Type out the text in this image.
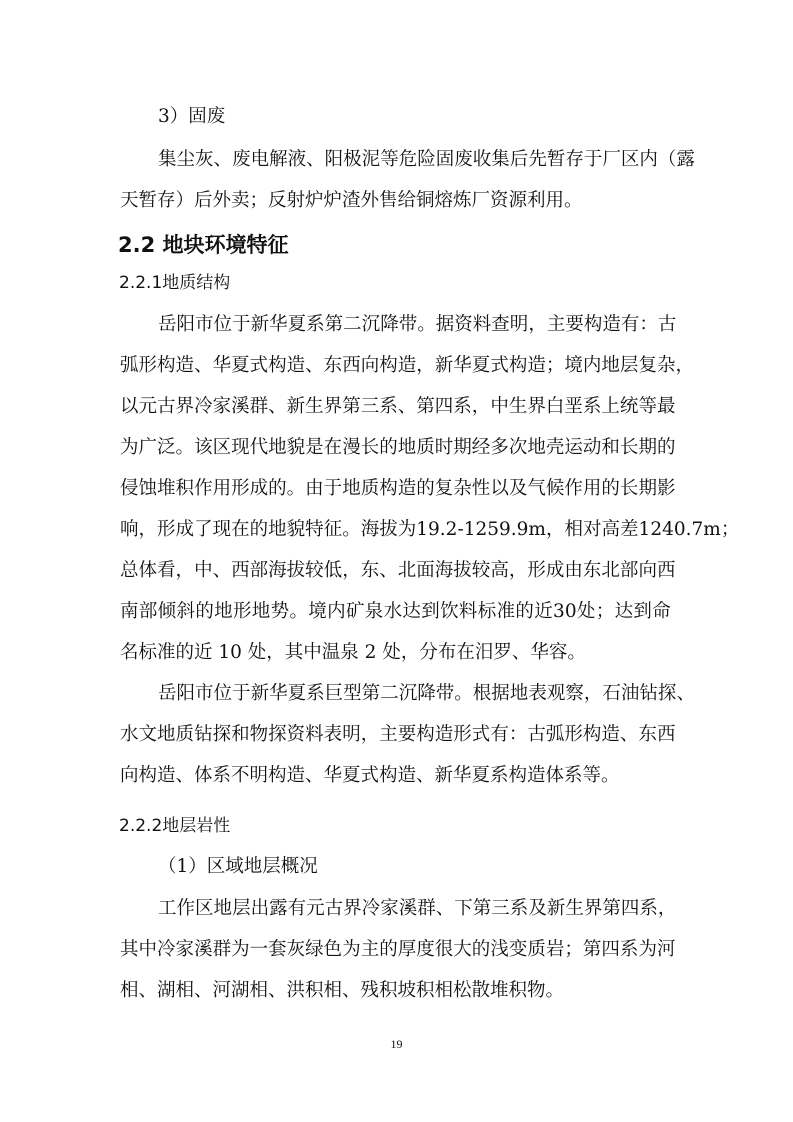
3）固废
集 尘 灰 、 废 电 解 液 、 阳 极 泥 等 危 险 固 废 收 集 后 先 暂 存 于 厂 区 内 （ 露
天暂存）后外卖；反射炉炉渣外售给铜熔炼厂资源利用。
2.2 地块环境特征
2.2.1地质结构
岳 阳 市 位 于 新 华 夏 系 第 二 沉 降 带 。 据 资 料 查 明 ， 主 要 构 造 有 ： 古
弧 形 构 造 、 华 夏 式 构 造 、 东 西 向 构 造 ， 新 华 夏 式 构 造 ； 境 内 地 层 复 杂 ，
以 元 古 界 冷 家 溪 群 、 新 生 界 第 三 系 、 第 四 系 ， 中 生 界 白 垩 系 上 统 等 最
为 广 泛 。 该 区 现 代 地 貌 是 在 漫 长 的 地 质 时 期 经 多 次 地 壳 运 动 和 长 期 的
侵 蚀 堆 积 作 用 形 成 的 。 由 于 地 质 构 造 的 复 杂 性 以 及 气 候 作 用 的 长 期 影
响 ， 形 成 了 现 在 的 地 貌 特 征 。 海 拔 为 19.2-1259.9m ， 相 对 高 差 1240.7m ；
总 体 看 ， 中 、 西 部 海 拔 较 低 ， 东 、 北 面 海 拔 较 高 ， 形 成 由 东 北 部 向 西
南 部 倾 斜 的 地 形 地 势 。 境 内 矿 泉 水 达 到 饮 料 标 准 的 近 30 处 ； 达 到 命
名标准的近 10 处，其中温泉 2 处，分布在汨罗、华容。
岳 阳 市 位 于 新 华 夏 系 巨 型 第 二 沉 降 带 。 根 据 地 表 观 察 ， 石 油 钻 探 、
水 文 地 质 钻 探 和 物 探 资 料 表 明 ， 主 要 构 造 形 式 有 ： 古 弧 形 构 造 、 东 西
向构造、体系不明构造、华夏式构造、新华夏系构造体系等。
2.2.2地层岩性
（1）区域地层概况
工 作 区 地 层 出 露 有 元 古 界 冷 家 溪 群 、 下 第 三 系 及 新 生 界 第 四 系 ，
其 中 冷 家 溪 群 为 一 套 灰 绿 色 为 主 的 厚 度 很 大 的 浅 变 质 岩 ； 第 四 系 为 河
相、湖相、河湖相、洪积相、残积坡积相松散堆积物。
19
